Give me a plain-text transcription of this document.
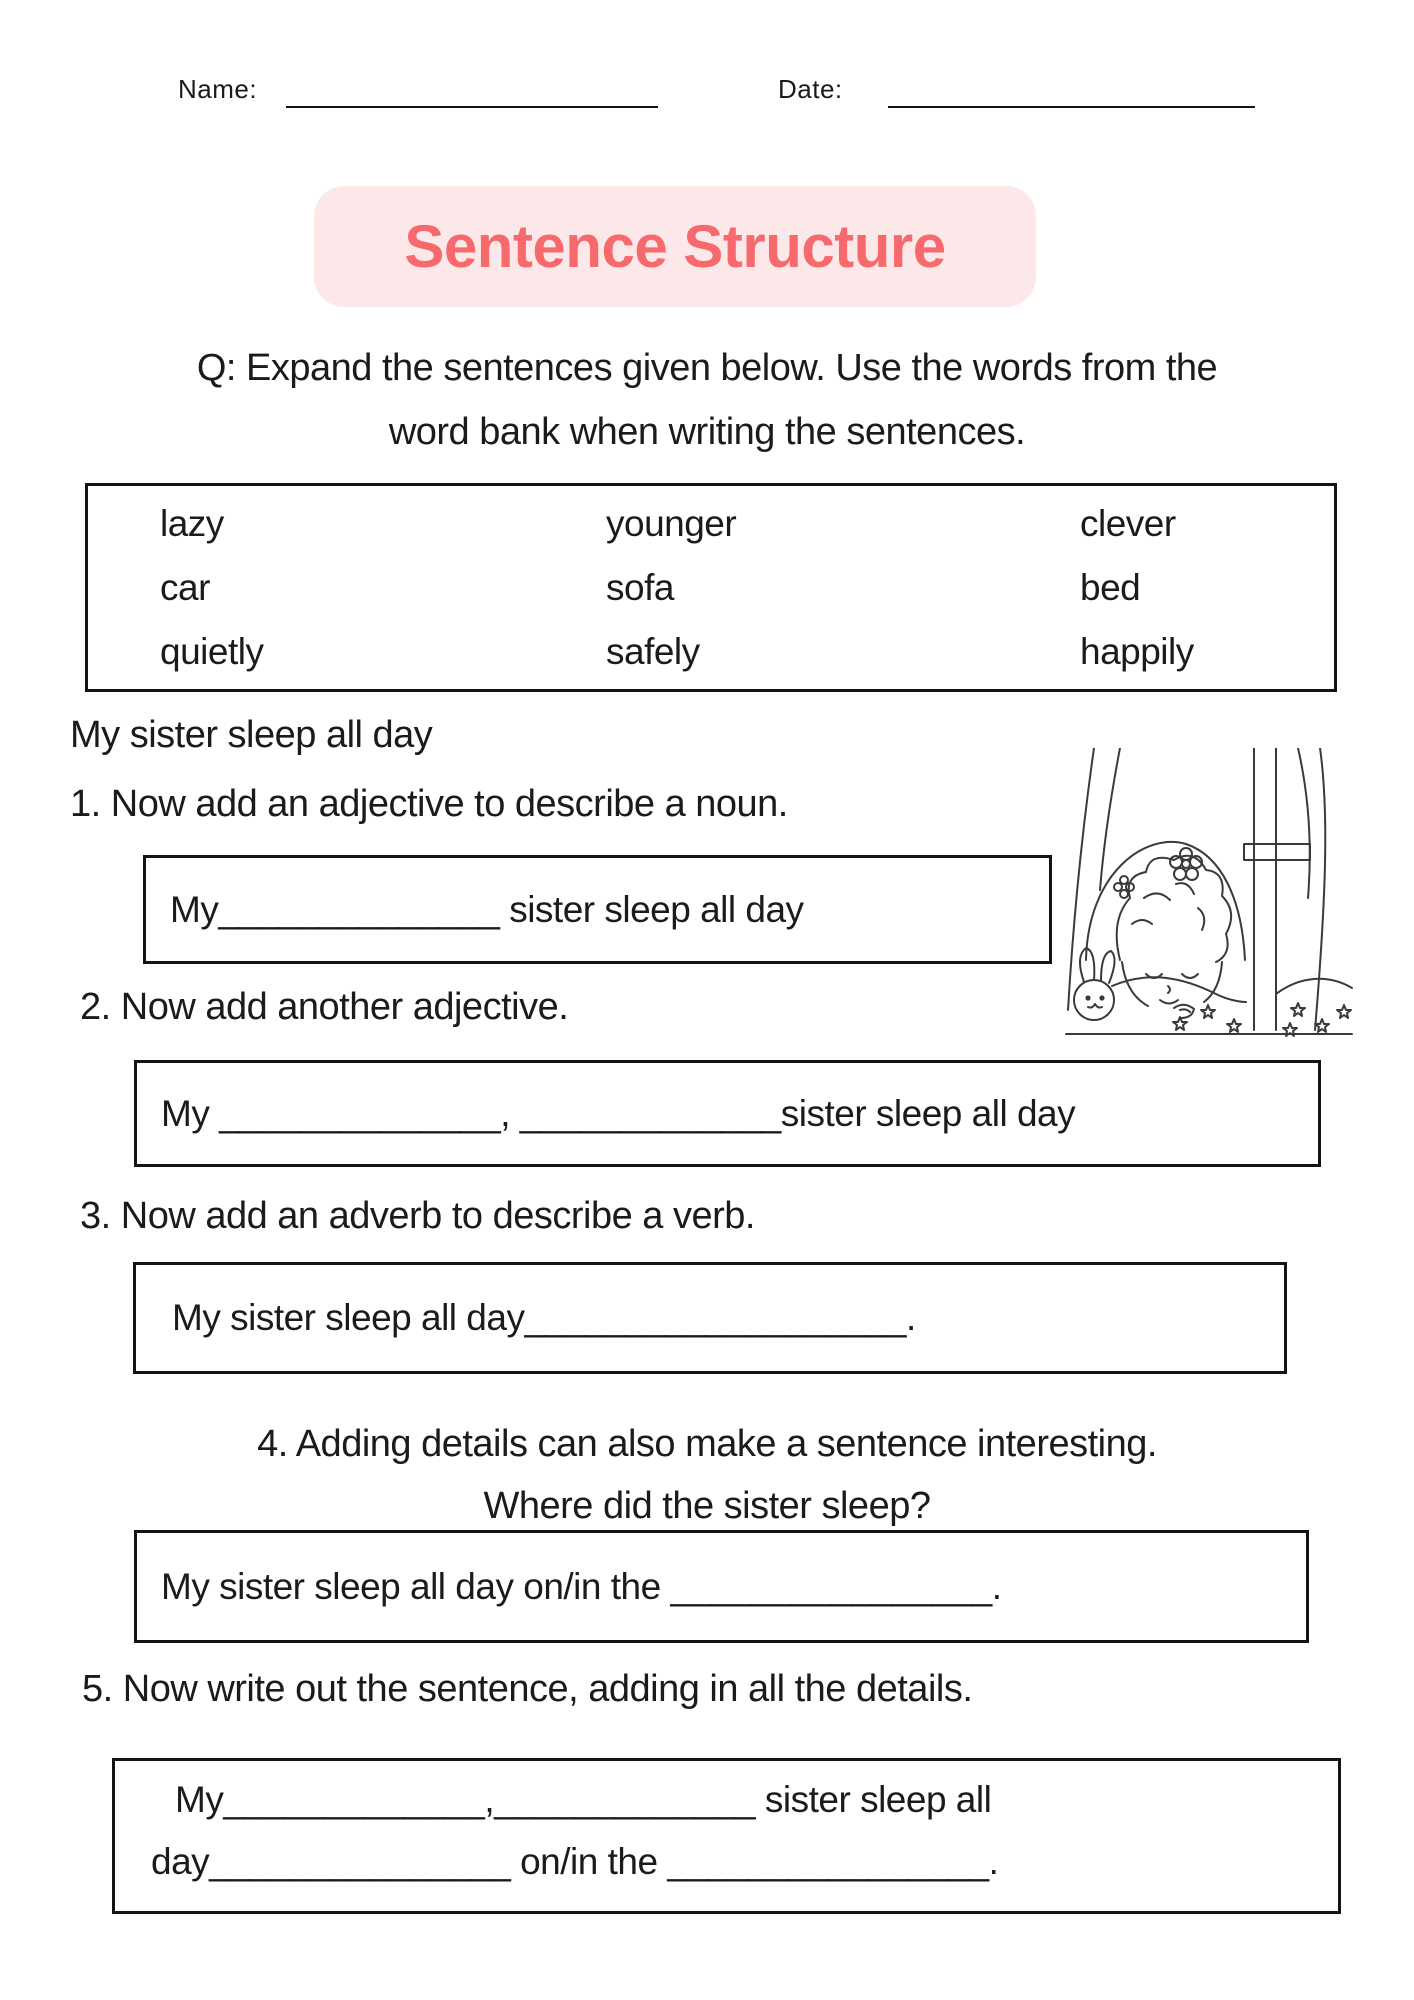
Name:	Date:
Sentence Structure
Q: Expand the sentences given below. Use the words from the
word bank when writing the sentences.
lazy
car
quietly
younger
sofa
safely
clever
bed
happily
My sister sleep all day
1. Now add an adjective to describe a noun.
My______________ sister sleep all day
2. Now add another adjective.
My ______________, _____________sister sleep all day
3. Now add an adverb to describe a verb.
My sister sleep all day___________________.
4. Adding details can also make a sentence interesting.
Where did the sister sleep?
My sister sleep all day on/in the ________________.
5. Now write out the sentence, adding in all the details.
My_____________,_____________ sister sleep all
day_______________ on/in the ________________.
